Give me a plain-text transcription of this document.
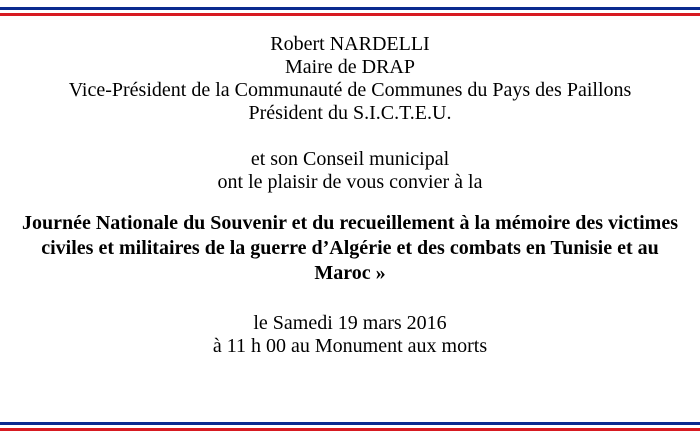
Robert NARDELLI
Maire de DRAP
Vice-Président de la Communauté de Communes du Pays des Paillons
Président du S.I.C.T.E.U.
et son Conseil municipal
ont le plaisir de vous convier à la
Journée Nationale du Souvenir et du recueillement à la mémoire des victimes
civiles et militaires de la guerre d’Algérie et des combats en Tunisie et au
Maroc »
le Samedi 19 mars 2016
à 11 h 00 au Monument aux morts
